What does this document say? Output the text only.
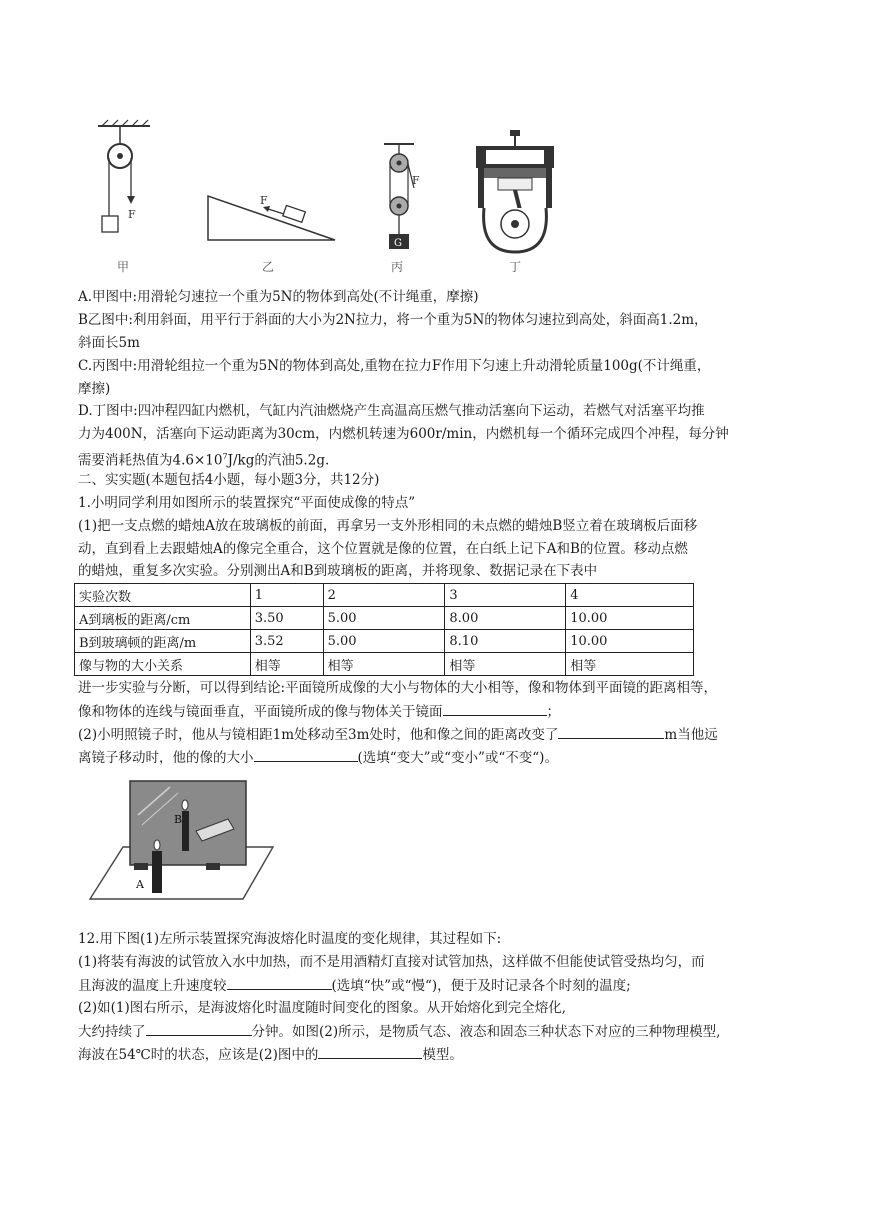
F
F
F
G
甲	乙	丙	丁
A.甲图中:用滑轮匀速拉一个重为5N的物体到高处(不计绳重，摩擦)
B乙图中:利用斜面，用平行于斜面的大小为2N拉力，将一个重为5N的物体匀速拉到高处，斜面高1.2m，
斜面长5m
C.丙图中:用滑轮组拉一个重为5N的物体到高处,重物在拉力F作用下匀速上升动滑轮质量100g(不计绳重，
摩擦)
D.丁图中:四冲程四缸内燃机，气缸内汽油燃烧产生高温高压燃气推动活塞向下运动，若燃气对活塞平均推
力为400N，活塞向下运动距离为30cm，内燃机转速为600r/min，内燃机每一个循环完成四个冲程，每分钟
需要消耗热值为$4.6\times 10^7J/kg$的汽油5.2g.
二、实实题(本题包括4小题，每小题3分，共12分)
1.小明同学利用如图所示的装置探究“平面使成像的特点”
(1)把一支点燃的蜡烛A放在玻璃板的前面，再拿另一支外形相同的未点燃的蜡烛B竖立着在玻璃板后面移
动，直到看上去跟蜡烛A的像完全重合，这个位置就是像的位置，在白纸上记下A和B的位置。移动点燃
的蜡烛，重复多次实验。分别测出A和B到玻璃板的距离，并将现象、数据记录在下表中
实验次数	1	2	3	4
A到璃板的距离/cm	3.50	5.00	8.00	10.00
B到玻璃顿的距离/m	3.52	5.00	8.10	10.00
像与物的大小关系	相等	相等	相等	相等
进一步实验与分断，可以得到结论:平面镜所成像的大小与物体的大小相等，像和物体到平面镜的距离相等，
像和物体的连线与镜面垂直，平面镜所成的像与物体关于镜面	；
(2)小明照镜子时，他从与镜相距1m处移动至3m处时，他和像之间的距离改变了	m当他远
离镜子移动时，他的像的大小	(选填“变大”或“变小”或“不变“)。
B
A
12.用下图(1)左所示装置探究海波熔化时温度的变化规律，其过程如下:
(1)将装有海波的试管放入水中加热，而不是用酒精灯直接对试管加热，这样做不但能使试管受热均匀，而
且海波的温度上升速度较	(选填“快”或“慢“)，便于及时记录各个时刻的温度;
(2)如(1)图右所示，是海波熔化时温度随时间变化的图象。从开始熔化到完全熔化,
大约持续了	分钟。如图(2)所示，是物质气态、液态和固态三种状态下对应的三种物理模型,
海波在54℃时的状态，应该是(2)图中的	模型。
